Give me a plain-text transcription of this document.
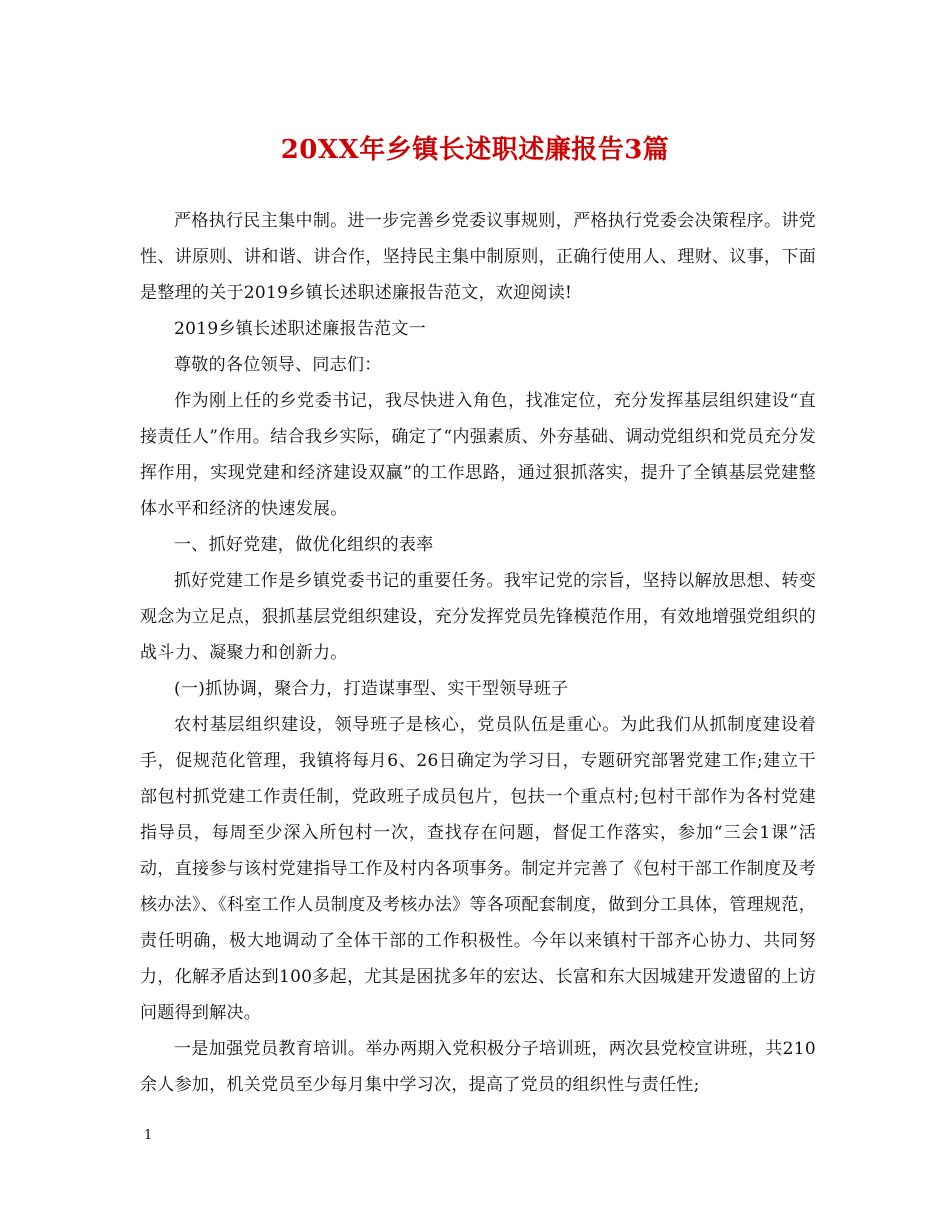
20XX年乡镇长述职述廉报告3篇

严格执行民主集中制。进一步完善乡党委议事规则，严格执行党委会决策程序。讲党性、讲原则、讲和谐、讲合作，坚持民主集中制原则，正确行使用人、理财、议事，下面是整理的关于2019乡镇长述职述廉报告范文，欢迎阅读!

2019乡镇长述职述廉报告范文一

尊敬的各位领导、同志们：

作为刚上任的乡党委书记，我尽快进入角色，找准定位，充分发挥基层组织建设“直接责任人”作用。结合我乡实际，确定了“内强素质、外夯基础、调动党组织和党员充分发挥作用，实现党建和经济建设双赢”的工作思路，通过狠抓落实，提升了全镇基层党建整体水平和经济的快速发展。

一、抓好党建，做优化组织的表率

抓好党建工作是乡镇党委书记的重要任务。我牢记党的宗旨，坚持以解放思想、转变观念为立足点，狠抓基层党组织建设，充分发挥党员先锋模范作用，有效地增强党组织的战斗力、凝聚力和创新力。

(一)抓协调，聚合力，打造谋事型、实干型领导班子

农村基层组织建设，领导班子是核心，党员队伍是重心。为此我们从抓制度建设着手，促规范化管理，我镇将每月6、26日确定为学习日，专题研究部署党建工作;建立干部包村抓党建工作责任制，党政班子成员包片，包扶一个重点村;包村干部作为各村党建指导员，每周至少深入所包村一次，查找存在问题，督促工作落实，参加“三会1课”活动，直接参与该村党建指导工作及村内各项事务。制定并完善了《包村干部工作制度及考核办法》、《科室工作人员制度及考核办法》等各项配套制度，做到分工具体，管理规范，责任明确，极大地调动了全体干部的工作积极性。今年以来镇村干部齐心协力、共同努力，化解矛盾达到100多起，尤其是困扰多年的宏达、长富和东大因城建开发遗留的上访问题得到解决。

一是加强党员教育培训。举办两期入党积极分子培训班，两次县党校宣讲班，共210余人参加，机关党员至少每月集中学习次，提高了党员的组织性与责任性;

1
